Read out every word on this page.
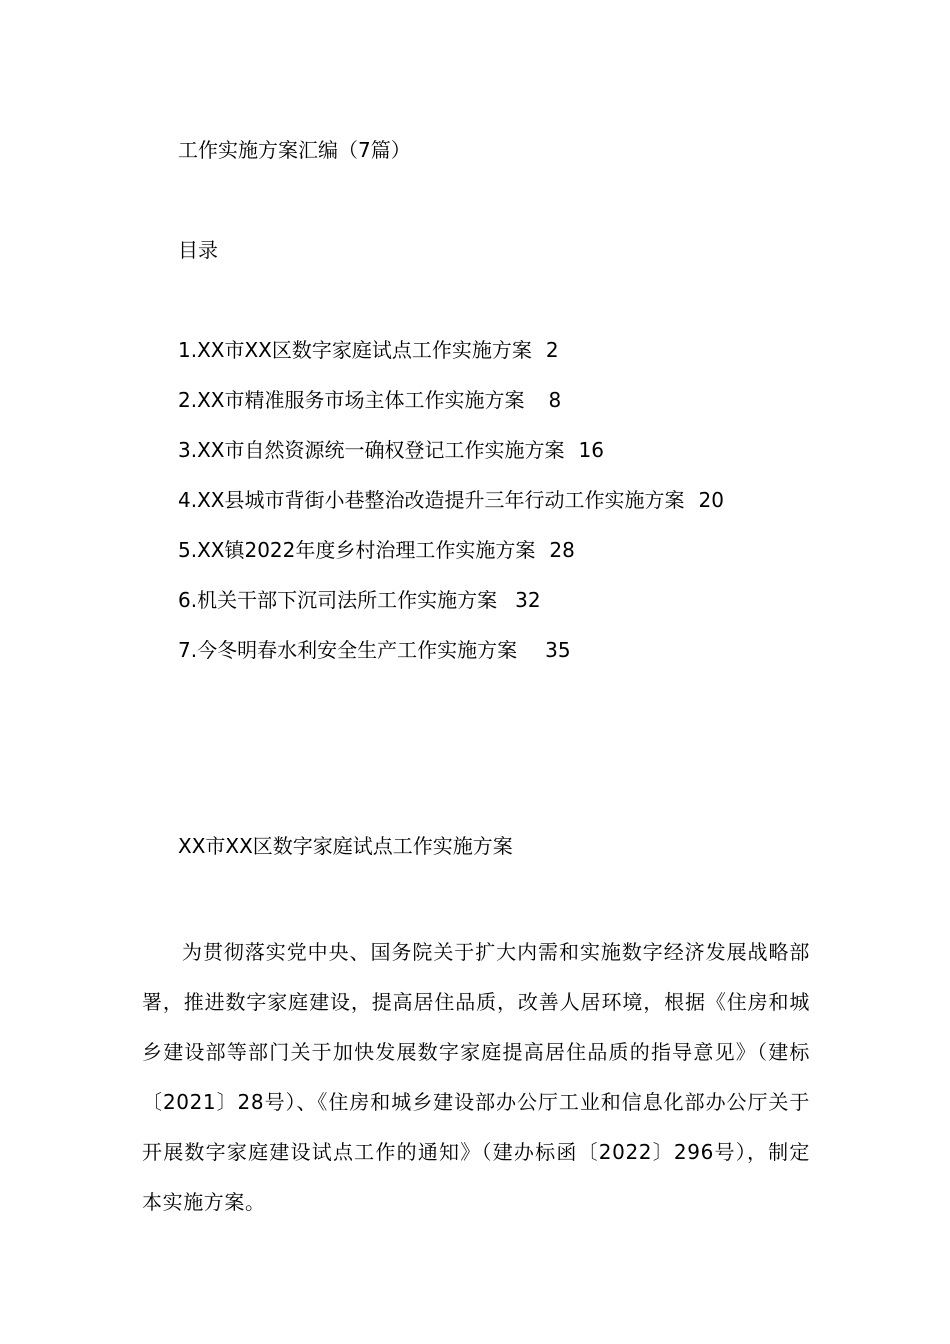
工作实施方案汇编（7篇）
目录
1.XX市XX区数字家庭试点工作实施方案 2
2.XX市精准服务市场主体工作实施方案 8
3.XX市自然资源统一确权登记工作实施方案 16
4.XX县城市背街小巷整治改造提升三年行动工作实施方案 20
5.XX镇2022年度乡村治理工作实施方案 28
6.机关干部下沉司法所工作实施方案 32
7.今冬明春水利安全生产工作实施方案 35
XX市XX区数字家庭试点工作实施方案

为贯彻落实党中央、国务院关于扩大内需和实施数字经济发展战略部署，推进数字家庭建设，提高居住品质，改善人居环境，根据《住房和城乡建设部等部门关于加快发展数字家庭提高居住品质的指导意见》（建标〔2021〕28号）、《住房和城乡建设部办公厅工业和信息化部办公厅关于开展数字家庭建设试点工作的通知》（建办标函〔2022〕296号），制定本实施方案。
